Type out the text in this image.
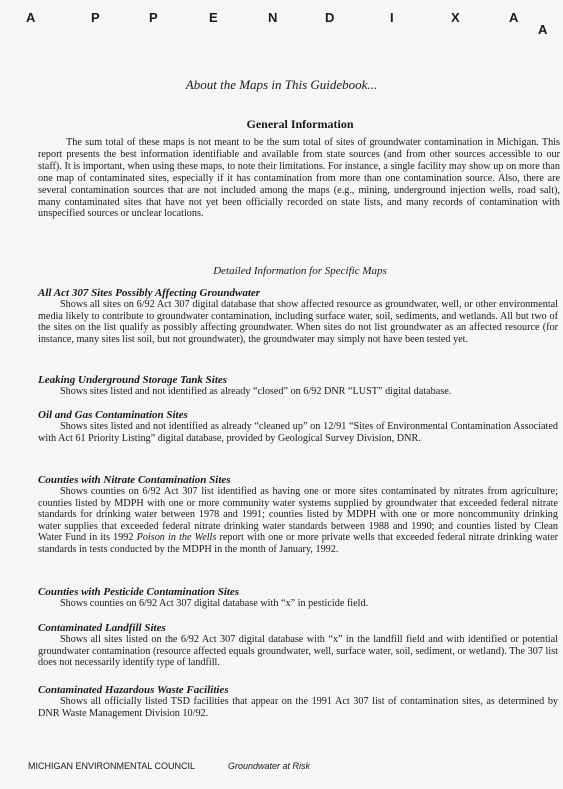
A	P	P	E	N	D	I	X	A
A
About the Maps in This Guidebook...
General Information

The sum total of these maps is not meant to be the sum total of sites of groundwater contamination in Michigan. This report presents the best information identifiable and available from state sources (and from other sources accessible to our staff). It is important, when using these maps, to note their limitations. For instance, a single facility may show up on more than one map of contaminated sites, especially if it has contamination from more than one contamination source. Also, there are several contamination sources that are not included among the maps (e.g., mining, underground injection wells, road salt), many contaminated sites that have not yet been officially recorded on state lists, and many records of contamination with unspecified sources or unclear locations.

Detailed Information for Specific Maps
All Act 307 Sites Possibly Affecting Groundwater

Shows all sites on 6/92 Act 307 digital database that show affected resource as groundwater, well, or other environmental media likely to contribute to groundwater contamination, including surface water, soil, sediments, and wetlands. All but two of the sites on the list qualify as possibly affecting groundwater. When sites do not list groundwater as an affected resource (for instance, many sites list soil, but not groundwater), the groundwater may simply not have been tested yet.

Leaking Underground Storage Tank Sites

Shows sites listed and not identified as already “closed” on 6/92 DNR “LUST” digital database.

Oil and Gas Contamination Sites

Shows sites listed and not identified as already “cleaned up” on 12/91 “Sites of Environmental Contamination Associated with Act 61 Priority Listing” digital database, provided by Geological Survey Division, DNR.

Counties with Nitrate Contamination Sites

Shows counties on 6/92 Act 307 list identified as having one or more sites contaminated by nitrates from agriculture; counties listed by MDPH with one or more community water systems supplied by groundwater that exceeded federal nitrate standards for drinking water between 1978 and 1991; counties listed by MDPH with one or more noncommunity drinking water supplies that exceeded federal nitrate drinking water standards between 1988 and 1990; and counties listed by Clean Water Fund in its 1992 Poison in the Wells report with one or more private wells that exceeded federal nitrate drinking water standards in tests conducted by the MDPH in the month of January, 1992.

Counties with Pesticide Contamination Sites

Shows counties on 6/92 Act 307 digital database with “x” in pesticide field.

Contaminated Landfill Sites

Shows all sites listed on the 6/92 Act 307 digital database with “x” in the landfill field and with identified or potential groundwater contamination (resource affected equals groundwater, well, surface water, soil, sediment, or wetland). The 307 list does not necessarily identify type of landfill.

Contaminated Hazardous Waste Facilities

Shows all officially listed TSD facilities that appear on the 1991 Act 307 list of contamination sites, as determined by DNR Waste Management Division 10/92.

MICHIGAN ENVIRONMENTAL COUNCIL	Groundwater at Risk
